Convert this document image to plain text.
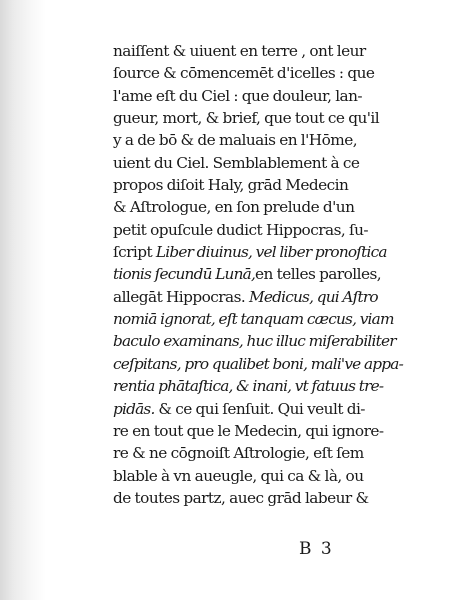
naiſſent & uiuent en terre , ont leur
ſource & cōmencemēt d'icelles : que
l'ame eſt du Ciel : que douleur, lan-
gueur, mort, & brief, que tout ce qu'il
y a de bō & de maluais en l'Hōme,
uient du Ciel. Semblablement à ce
propos diſoit Haly, grād Medecin
& Aſtrologue, en ſon prelude d'un
petit opuſcule dudict Hippocras, ſu-
ſcript Liber diuinus, vel liber pronoſtica
tionis ſecundū Lunā,en telles parolles,
allegāt Hippocras. Medicus, qui Aſtro
nomiā ignorat, eſt tanquam cæcus, viam
baculo examinans, huc illuc miſerabiliter
ceſpitans, pro qualibet boni, mali've appa-
rentia phātaſtica, & inani, vt fatuus tre-
pidās. & ce qui ſenſuit. Qui veult di-
re en tout que le Medecin, qui ignore-
re & ne cōgnoiſt Aſtrologie, eſt ſem
blable à vn aueugle, qui ca & là, ou
de toutes partz, auec grād labeur &
B 3
